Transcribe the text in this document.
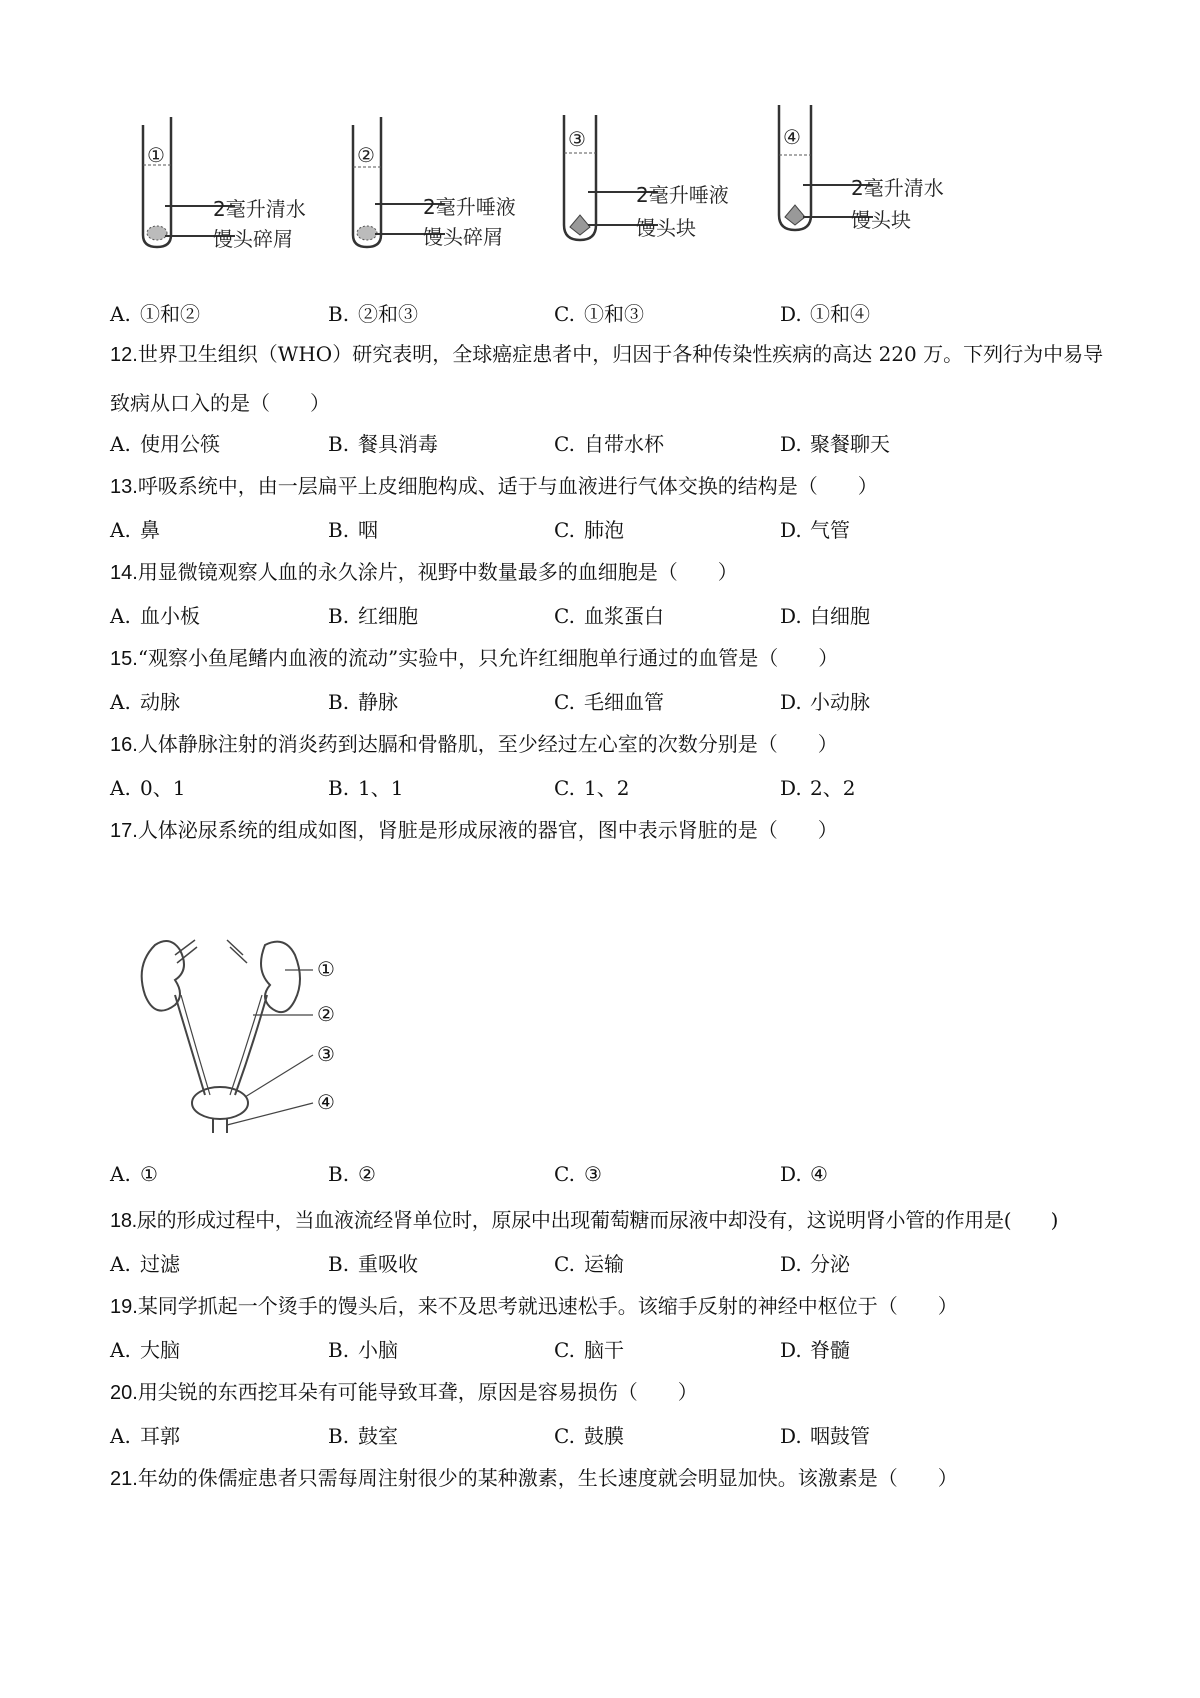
①
2毫升清水
馒头碎屑
②
2毫升唾液
馒头碎屑
③
2毫升唾液
馒头块
④
2毫升清水
馒头块
A. ①和②	B. ②和③	C. ①和③	D. ①和④
12.世界卫生组织（WHO）研究表明，全球癌症患者中，归因于各种传染性疾病的高达 220 万。下列行为中易导致病从口入的是（　　）
A. 使用公筷	B. 餐具消毒	C. 自带水杯	D. 聚餐聊天
13.呼吸系统中，由一层扁平上皮细胞构成、适于与血液进行气体交换的结构是（　　）
A. 鼻	B. 咽	C. 肺泡	D. 气管
14.用显微镜观察人血的永久涂片，视野中数量最多的血细胞是（　　）
A. 血小板	B. 红细胞	C. 血浆蛋白	D. 白细胞
15.“观察小鱼尾鳍内血液的流动”实验中，只允许红细胞单行通过的血管是（　　）
A. 动脉	B. 静脉	C. 毛细血管	D. 小动脉
16.人体静脉注射的消炎药到达膈和骨骼肌，至少经过左心室的次数分别是（　　）
A. 0、1	B. 1、1	C. 1、2	D. 2、2
17.人体泌尿系统的组成如图，肾脏是形成尿液的器官，图中表示肾脏的是（　　）
①
②
③
④
A. ①	B. ②	C. ③	D. ④
18.尿的形成过程中，当血液流经肾单位时，原尿中出现葡萄糖而尿液中却没有，这说明肾小管的作用是(　　)
A. 过滤	B. 重吸收	C. 运输	D. 分泌
19.某同学抓起一个烫手的馒头后，来不及思考就迅速松手。该缩手反射的神经中枢位于（　　）
A. 大脑	B. 小脑	C. 脑干	D. 脊髓
20.用尖锐的东西挖耳朵有可能导致耳聋，原因是容易损伤（　　）
A. 耳郭	B. 鼓室	C. 鼓膜	D. 咽鼓管
21.年幼的侏儒症患者只需每周注射很少的某种激素，生长速度就会明显加快。该激素是（　　）
